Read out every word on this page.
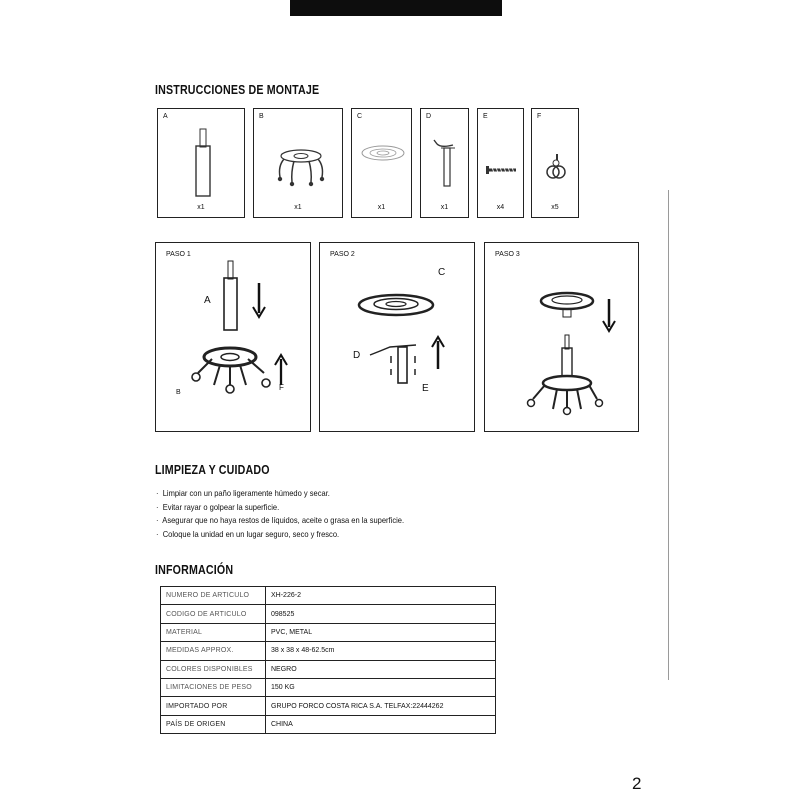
INSTRUCCIONES DE MONTAJE
A
x1
B
x1
C
x1
D
x1
E
x4
F
x5
PASO 1
A
B
F
PASO 2
C
D
E
PASO 3
LIMPIEZA Y CUIDADO
·  Limpiar con un paño ligeramente húmedo y secar.
·  Evitar rayar o golpear la superficie.
·  Asegurar que no haya restos de líquidos, aceite o grasa en la superficie.
·  Coloque la unidad en un lugar seguro, seco y fresco.
INFORMACIÓN
NUMERO DE ARTICULO	XH-226-2
CODIGO DE ARTICULO	098525
MATERIAL	PVC, METAL
MEDIDAS APPROX.	38 x 38 x 48-62.5cm
COLORES DISPONIBLES	NEGRO
LIMITACIONES DE PESO	150 KG
IMPORTADO POR	GRUPO FORCO COSTA RICA S.A. TELFAX:22444262
PAÍS DE ORIGEN	CHINA
2
